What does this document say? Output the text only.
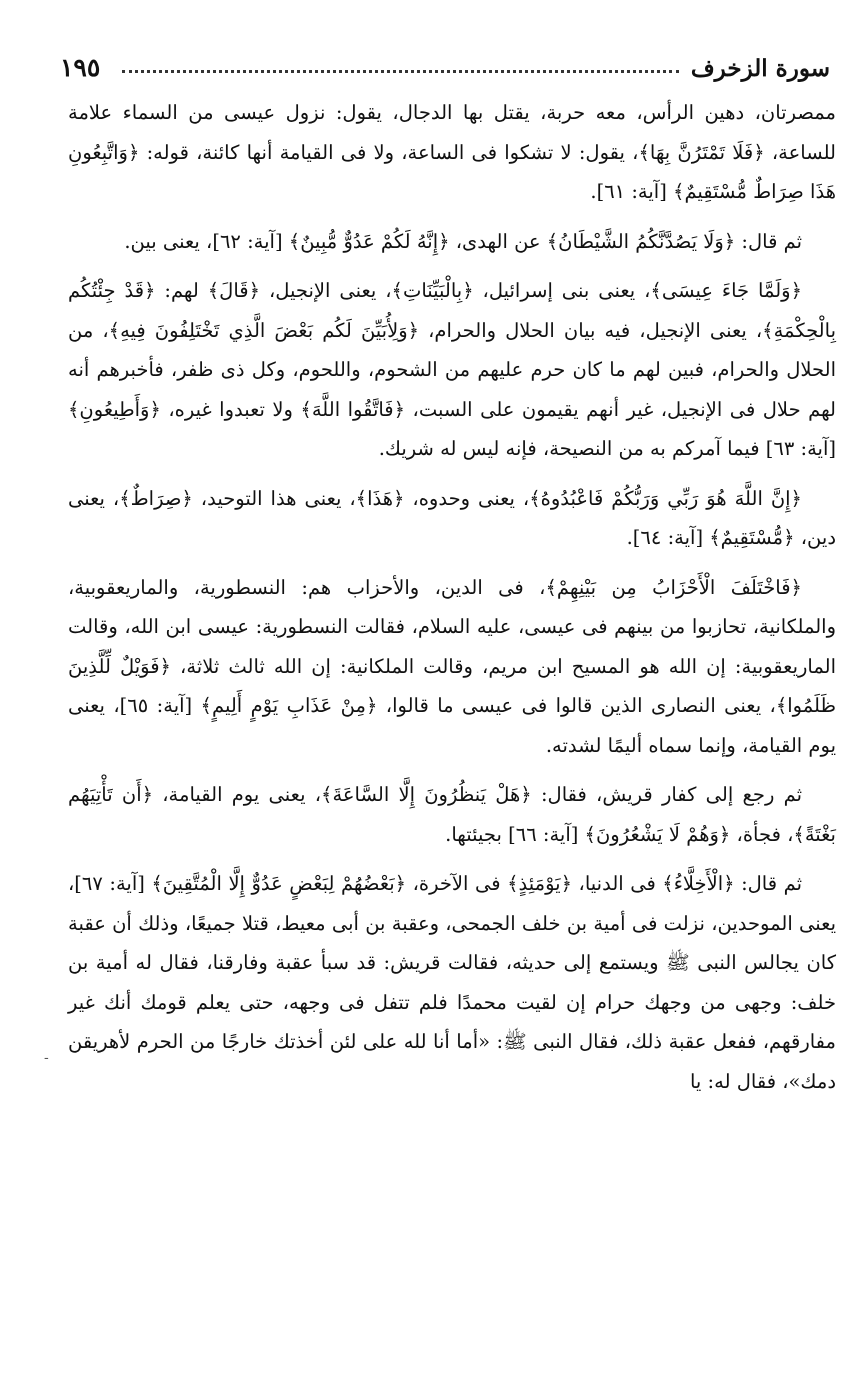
١٩٥	سورة الزخرف

ممصرتان، دهين الرأس، معه حربة، يقتل بها الدجال، يقول: نزول عيسى من السماء علامة للساعة، ﴿فَلَا تَمْتَرُنَّ بِهَا﴾، يقول: لا تشكوا فى الساعة، ولا فى القيامة أنها كائنة، قوله: ﴿وَاتَّبِعُونِ هَذَا صِرَاطٌ مُّسْتَقِيمٌ﴾ [آية: ٦١].

ثم قال: ﴿وَلَا يَصُدَّنَّكُمُ الشَّيْطَانُ﴾ عن الهدى، ﴿إِنَّهُ لَكُمْ عَدُوٌّ مُّبِينٌ﴾ [آية: ٦٢]، يعنى بين.

﴿وَلَمَّا جَاءَ عِيسَى﴾، يعنى بنى إسرائيل، ﴿بِالْبَيِّنَاتِ﴾، يعنى الإنجيل، ﴿قَالَ﴾ لهم: ﴿قَدْ جِئْتُكُم بِالْحِكْمَةِ﴾، يعنى الإنجيل، فيه بيان الحلال والحرام، ﴿وَلِأُبَيِّنَ لَكُم بَعْضَ الَّذِي تَخْتَلِفُونَ فِيهِ﴾، من الحلال والحرام، فبين لهم ما كان حرم عليهم من الشحوم، واللحوم، وكل ذى ظفر، فأخبرهم أنه لهم حلال فى الإنجيل، غير أنهم يقيمون على السبت، ﴿فَاتَّقُوا اللَّهَ﴾ ولا تعبدوا غيره، ﴿وَأَطِيعُونِ﴾ [آية: ٦٣] فيما آمركم به من النصيحة، فإنه ليس له شريك.

﴿إِنَّ اللَّهَ هُوَ رَبِّي وَرَبُّكُمْ فَاعْبُدُوهُ﴾، يعنى وحدوه، ﴿هَذَا﴾، يعنى هذا التوحيد، ﴿صِرَاطٌ﴾، يعنى دين، ﴿مُّسْتَقِيمٌ﴾ [آية: ٦٤].

﴿فَاخْتَلَفَ الْأَحْزَابُ مِن بَيْنِهِمْ﴾، فى الدين، والأحزاب هم: النسطورية، والماريعقوبية، والملكانية، تحازبوا من بينهم فى عيسى، عليه السلام، فقالت النسطورية: عيسى ابن الله، وقالت الماريعقوبية: إن الله هو المسيح ابن مريم، وقالت الملكانية: إن الله ثالث ثلاثة، ﴿فَوَيْلٌ لِّلَّذِينَ ظَلَمُوا﴾، يعنى النصارى الذين قالوا فى عيسى ما قالوا، ﴿مِنْ عَذَابِ يَوْمٍ أَلِيمٍ﴾ [آية: ٦٥]، يعنى يوم القيامة، وإنما سماه أليمًا لشدته.

ثم رجع إلى كفار قريش، فقال: ﴿هَلْ يَنظُرُونَ إِلَّا السَّاعَةَ﴾، يعنى يوم القيامة، ﴿أَن تَأْتِيَهُم بَغْتَةً﴾، فجأة، ﴿وَهُمْ لَا يَشْعُرُونَ﴾ [آية: ٦٦] بجيئتها.

ثم قال: ﴿الْأَخِلَّاءُ﴾ فى الدنيا، ﴿يَوْمَئِذٍ﴾ فى الآخرة، ﴿بَعْضُهُمْ لِبَعْضٍ عَدُوٌّ إِلَّا الْمُتَّقِينَ﴾ [آية: ٦٧]، يعنى الموحدين، نزلت فى أمية بن خلف الجمحى، وعقبة بن أبى معيط، قتلا جميعًا، وذلك أن عقبة كان يجالس النبى ﷺ ويستمع إلى حديثه، فقالت قريش: قد سبأ عقبة وفارقنا، فقال له أمية بن خلف: وجهى من وجهك حرام إن لقيت محمدًا فلم تتفل فى وجهه، حتى يعلم قومك أنك غير مفارقهم، ففعل عقبة ذلك، فقال النبى ﷺ: «أما أنا لله على لئن أخذتك خارجًا من الحرم لأهريقن دمك»، فقال له: يا

-
